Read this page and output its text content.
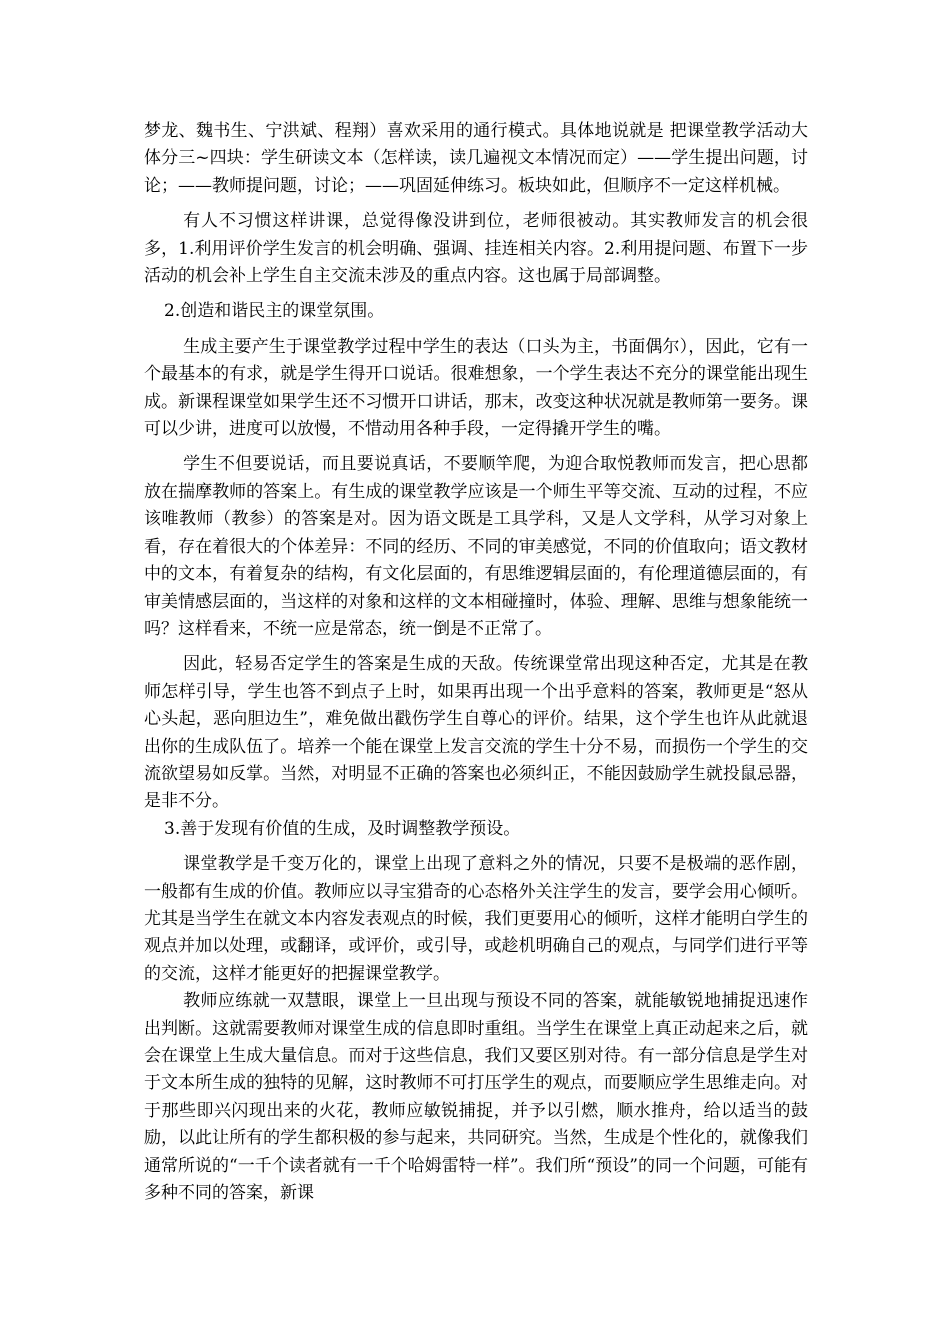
梦龙、魏书生、宁洪斌、程翔）喜欢采用的通行模式。具体地说就是 把课堂教学活动大体分三~四块：学生研读文本（怎样读，读几遍视文本情况而定）——学生提出问题，讨论；——教师提问题，讨论；——巩固延伸练习。板块如此，但顺序不一定这样机械。

有人不习惯这样讲课，总觉得像没讲到位，老师很被动。其实教师发言的机会很多，1.利用评价学生发言的机会明确、强调、挂连相关内容。2.利用提问题、布置下一步活动的机会补上学生自主交流未涉及的重点内容。这也属于局部调整。

2.创造和谐民主的课堂氛围。

生成主要产生于课堂教学过程中学生的表达（口头为主，书面偶尔），因此，它有一个最基本的有求，就是学生得开口说话。很难想象，一个学生表达不充分的课堂能出现生成。新课程课堂如果学生还不习惯开口讲话，那末，改变这种状况就是教师第一要务。课可以少讲，进度可以放慢，不惜动用各种手段，一定得撬开学生的嘴。

学生不但要说话，而且要说真话，不要顺竿爬，为迎合取悦教师而发言，把心思都放在揣摩教师的答案上。有生成的课堂教学应该是一个师生平等交流、互动的过程，不应该唯教师（教参）的答案是对。因为语文既是工具学科，又是人文学科，从学习对象上看，存在着很大的个体差异：不同的经历、不同的审美感觉，不同的价值取向；语文教材中的文本，有着复杂的结构，有文化层面的，有思维逻辑层面的，有伦理道德层面的，有审美情感层面的，当这样的对象和这样的文本相碰撞时，体验、理解、思维与想象能统一吗？这样看来，不统一应是常态，统一倒是不正常了。

因此，轻易否定学生的答案是生成的天敌。传统课堂常出现这种否定，尤其是在教师怎样引导，学生也答不到点子上时，如果再出现一个出乎意料的答案，教师更是“怒从心头起，恶向胆边生”，难免做出戳伤学生自尊心的评价。结果，这个学生也许从此就退出你的生成队伍了。培养一个能在课堂上发言交流的学生十分不易，而损伤一个学生的交流欲望易如反掌。当然，对明显不正确的答案也必须纠正，不能因鼓励学生就投鼠忌器， 是非不分。

3.善于发现有价值的生成，及时调整教学预设。

课堂教学是千变万化的，课堂上出现了意料之外的情况，只要不是极端的恶作剧，一般都有生成的价值。教师应以寻宝猎奇的心态格外关注学生的发言，要学会用心倾听。尤其是当学生在就文本内容发表观点的时候，我们更要用心的倾听，这样才能明白学生的观点并加以处理，或翻译，或评价，或引导，或趁机明确自己的观点，与同学们进行平等的交流，这样才能更好的把握课堂教学。

教师应练就一双慧眼，课堂上一旦出现与预设不同的答案，就能敏锐地捕捉迅速作出判断。这就需要教师对课堂生成的信息即时重组。当学生在课堂上真正动起来之后，就会在课堂上生成大量信息。而对于这些信息，我们又要区别对待。有一部分信息是学生对于文本所生成的独特的见解，这时教师不可打压学生的观点，而要顺应学生思维走向。对于那些即兴闪现出来的火花，教师应敏锐捕捉，并予以引燃，顺水推舟，给以适当的鼓励，以此让所有的学生都积极的参与起来，共同研究。当然，生成是个性化的，就像我们通常所说的“一千个读者就有一千个哈姆雷特一样”。我们所“预设”的同一个问题，可能有多种不同的答案，新课
